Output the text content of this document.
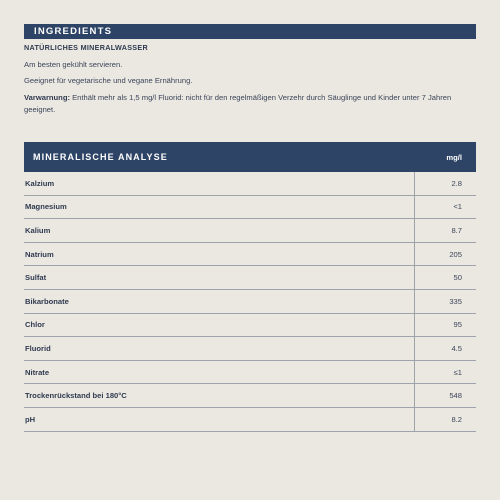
INGREDIENTS
NATÜRLICHES MINERALWASSER
Am besten gekühlt servieren.
Geeignet für vegetarische und vegane Ernährung.
Varwarnung: Enthält mehr als 1,5 mg/l Fluorid: nicht für den regelmäßigen Verzehr durch Säuglinge und Kinder unter 7 Jahren geeignet.
MINERALISCHE ANALYSE	mg/l
Kalzium	2.8
Magnesium	<1
Kalium	8.7
Natrium	205
Sulfat	50
Bikarbonate	335
Chlor	95
Fluorid	4.5
Nitrate	≤1
Trockenrückstand bei 180°C	548
pH	8.2
